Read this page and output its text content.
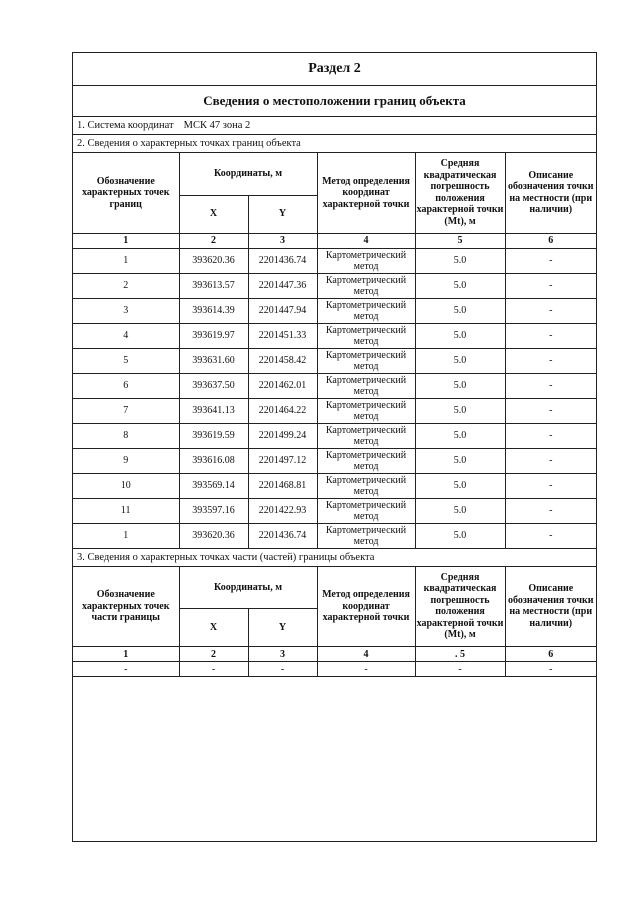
Раздел 2
Сведения о местоположении границ объекта
1. Система координат МСК 47 зона 2
2. Сведения о характерных точках границ объекта
Обозначение характерных точек границ	Координаты, м		Метод определения координат характерной точки	Средняя квадратическая погрешность положения характерной точки (Mt), м	Описание обозначения точки на местности (при наличии)
	X	Y			
1	2	3	4	5	6
1	393620.36	2201436.74	Картометрический метод	5.0	-
2	393613.57	2201447.36	Картометрический метод	5.0	-
3	393614.39	2201447.94	Картометрический метод	5.0	-
4	393619.97	2201451.33	Картометрический метод	5.0	-
5	393631.60	2201458.42	Картометрический метод	5.0	-
6	393637.50	2201462.01	Картометрический метод	5.0	-
7	393641.13	2201464.22	Картометрический метод	5.0	-
8	393619.59	2201499.24	Картометрический метод	5.0	-
9	393616.08	2201497.12	Картометрический метод	5.0	-
10	393569.14	2201468.81	Картометрический метод	5.0	-
11	393597.16	2201422.93	Картометрический метод	5.0	-
1	393620.36	2201436.74	Картометрический метод	5.0	-
3. Сведения о характерных точках части (частей) границы объекта
Обозначение характерных точек части границы	Координаты, м		Метод определения координат характерной точки	Средняя квадратическая погрешность положения характерной точки (Mt), м	Описание обозначения точки на местности (при наличии)
	X	Y			
1	2	3	4	. 5	6
-	-	-	-	-	-
